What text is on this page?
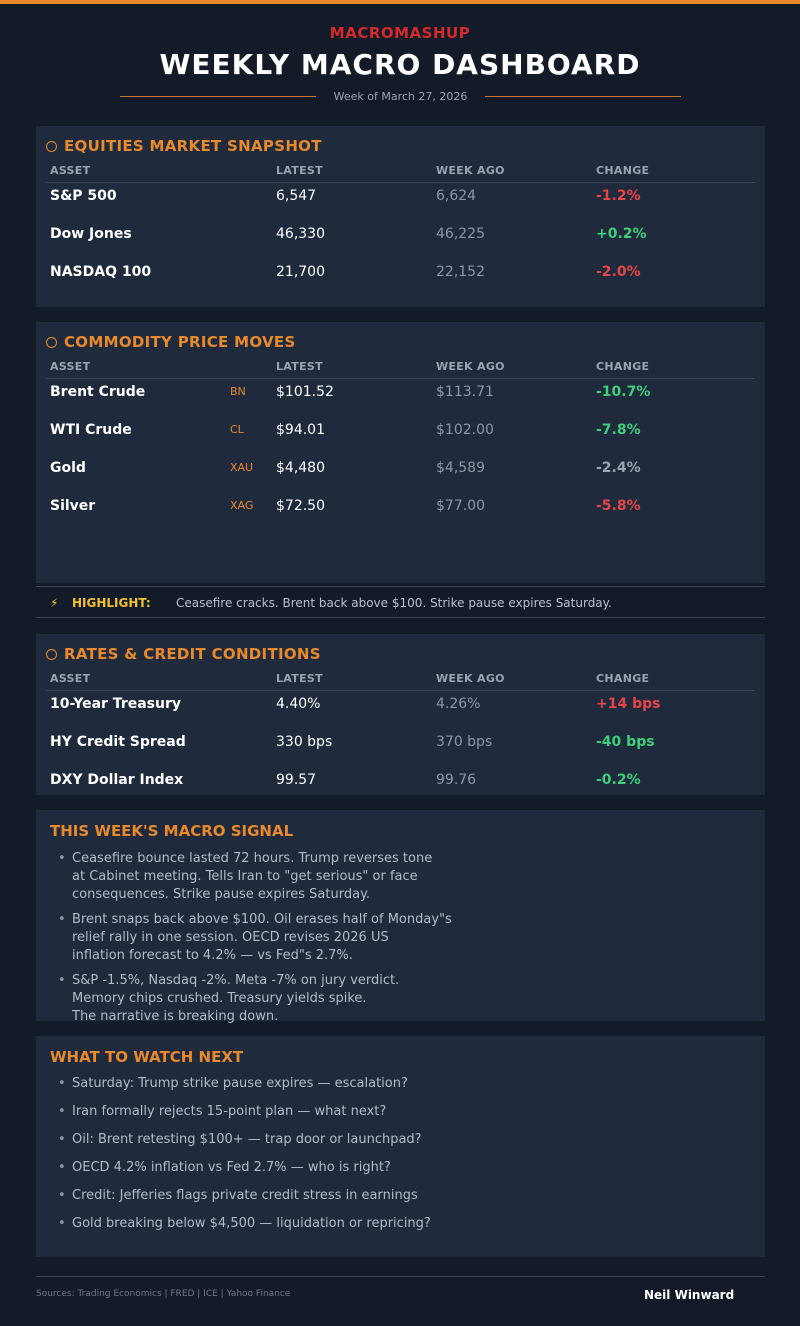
MACROMASHUP
WEEKLY MACRO DASHBOARD
Week of March 27, 2026
EQUITIES MARKET SNAPSHOT
ASSET	LATEST	WEEK AGO	CHANGE
S&P 500	6,547	6,624	-1.2%
Dow Jones	46,330	46,225	+0.2%
NASDAQ 100	21,700	22,152	-2.0%
COMMODITY PRICE MOVES
ASSET	LATEST	WEEK AGO	CHANGE
Brent Crude	BN $101.52	$113.71	-10.7%
WTI Crude	CL $94.01	$102.00	-7.8%
Gold	XAU $4,480	$4,589	-2.4%
Silver	XAG $72.50	$77.00	-5.8%
⚡ HIGHLIGHT: Ceasefire cracks. Brent back above $100. Strike pause expires Saturday.
RATES & CREDIT CONDITIONS
ASSET	LATEST	WEEK AGO	CHANGE
10-Year Treasury	4.40%	4.26%	+14 bps
HY Credit Spread	330 bps	370 bps	-40 bps
DXY Dollar Index	99.57	99.76	-0.2%
THIS WEEK'S MACRO SIGNAL
• Ceasefire bounce lasted 72 hours. Trump reverses tone
at Cabinet meeting. Tells Iran to "get serious" or face
consequences. Strike pause expires Saturday.
• Brent snaps back above $100. Oil erases half of Monday"s
relief rally in one session. OECD revises 2026 US
inflation forecast to 4.2% — vs Fed"s 2.7%.
• S&P -1.5%, Nasdaq -2%. Meta -7% on jury verdict.
Memory chips crushed. Treasury yields spike.
The narrative is breaking down.
WHAT TO WATCH NEXT
• Saturday: Trump strike pause expires — escalation?
• Iran formally rejects 15-point plan — what next?
• Oil: Brent retesting $100+ — trap door or launchpad?
• OECD 4.2% inflation vs Fed 2.7% — who is right?
• Credit: Jefferies flags private credit stress in earnings
• Gold breaking below $4,500 — liquidation or repricing?
Sources: Trading Economics | FRED | ICE | Yahoo Finance	Neil Winward
